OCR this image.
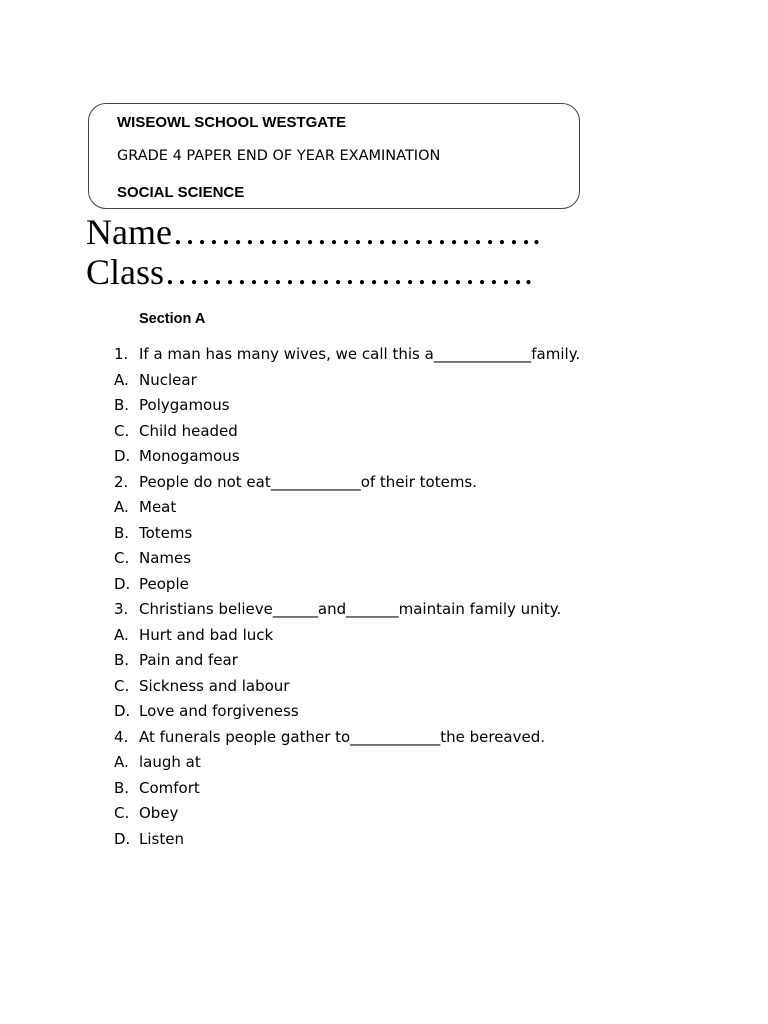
WISEOWL SCHOOL WESTGATE
GRADE 4 PAPER END OF YEAR EXAMINATION
SOCIAL SCIENCE
Name………………………….
Class………………………….
Section A
1. If a man has many wives, we call this a_____________family.
A. Nuclear
B. Polygamous
C. Child headed
D. Monogamous
2. People do not eat____________of their totems.
A. Meat
B. Totems
C. Names
D. People
3. Christians believe______and_______maintain family unity.
A. Hurt and bad luck
B. Pain and fear
C. Sickness and labour
D. Love and forgiveness
4. At funerals people gather to____________the bereaved.
A. laugh at
B. Comfort
C. Obey
D. Listen
